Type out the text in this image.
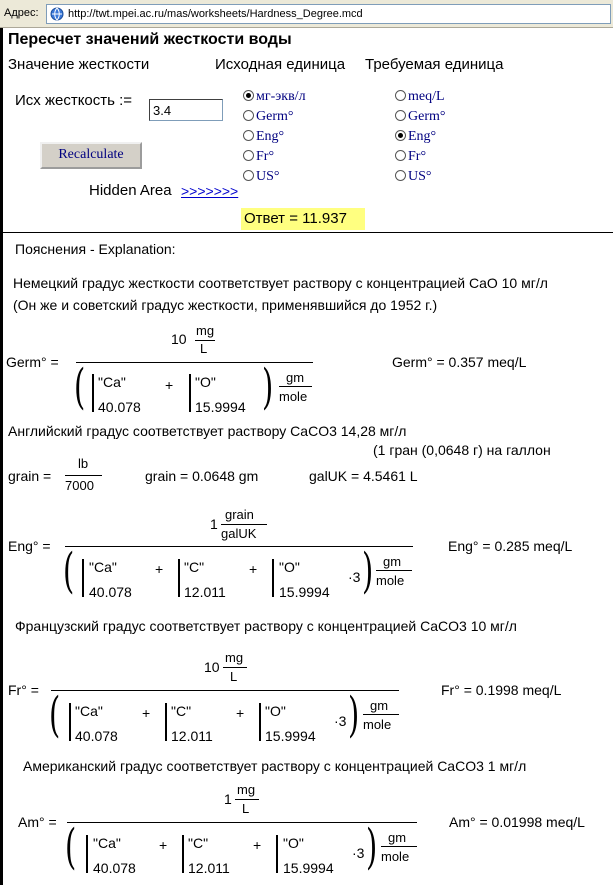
Адрес:	http://twt.mpei.ac.ru/mas/worksheets/Hardness_Degree.mcd
Пересчет значений жесткости воды
Значение жесткости	Исходная единица Требуемая единица
Исх жесткость :=
3.4
Recalculate
мг-экв/л
Germ°
Eng°
Fr°
US°
meq/L
Germ°
Eng°
Fr°
US°
Hidden Area >>>>>>>
Ответ = 11.937
Пояснения - Explanation:
Немецкий градус жесткости соответствует раствору с концентрацией CaO 10 мг/л
(Он же и советский градус жесткости, применявшийся до 1952 г.)
Germ° =
10
mg
L
( "Ca"
40.078
+ "O"
15.9994 ) gm
mole
Germ° = 0.357 meq/L
Английский градус соответствует раствору CaCO3 14,28 мг/л
(1 гран (0,0648 г) на галлон
grain =
lb
7000
grain = 0.0648 gm	galUK = 4.5461 L
Eng° =
1
grain
galUK
( "Ca"
40.078
+ "C"
12.011
+ "O"
15.9994
·3 ) gm
mole
Eng° = 0.285 meq/L
Французский градус соответствует раствору с концентрацией CaCO3 10 мг/л
Fr° =
10
mg
L
( "Ca"
40.078
+ "C"
12.011
+ "O"
15.9994
·3 ) gm
mole
Fr° = 0.1998 meq/L
Американский градус соответствует раствору с концентрацией CaCO3 1 мг/л
Am° =
1
mg
L
( "Ca"
40.078
+ "C"
12.011
+ "O"
15.9994
·3 ) gm
mole
Am° = 0.01998 meq/L
